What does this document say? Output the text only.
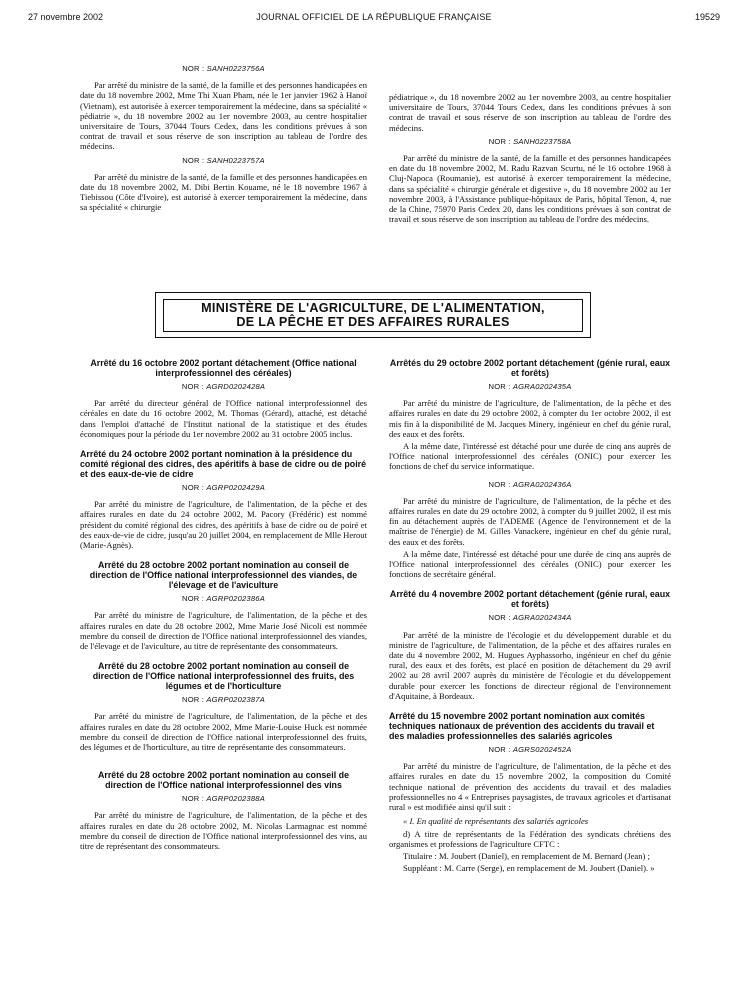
27 novembre 2002	JOURNAL OFFICIEL DE LA RÉPUBLIQUE FRANÇAISE	19529
NOR : SANH0223756A

Par arrêté du ministre de la santé, de la famille et des personnes handicapées en date du 18 novembre 2002, Mme Thi Xuan Pham, née le 1er janvier 1962 à Hanoï (Vietnam), est autorisée à exercer temporairement la médecine, dans sa spécialité « pédiatrie », du 18 novembre 2002 au 1er novembre 2003, au centre hospitalier universitaire de Tours, 37044 Tours Cedex, dans les conditions prévues à son contrat de travail et sous réserve de son inscription au tableau de l'ordre des médecins.

NOR : SANH0223757A

Par arrêté du ministre de la santé, de la famille et des personnes handicapées en date du 18 novembre 2002, M. Dibi Bertin Kouame, né le 18 novembre 1967 à Tiebissou (Côte d'Ivoire), est autorisé à exercer temporairement la médecine, dans sa spécialité « chirurgie

pédiatrique », du 18 novembre 2002 au 1er novembre 2003, au centre hospitalier universitaire de Tours, 37044 Tours Cedex, dans les conditions prévues à son contrat de travail et sous réserve de son inscription au tableau de l'ordre des médecins.

NOR : SANH0223758A

Par arrêté du ministre de la santé, de la famille et des personnes handicapées en date du 18 novembre 2002, M. Radu Razvan Scurtu, né le 16 octobre 1968 à Cluj-Napoca (Roumanie), est autorisé à exercer temporairement la médecine, dans sa spécialité « chirurgie générale et digestive », du 18 novembre 2002 au 1er novembre 2003, à l'Assistance publique-hôpitaux de Paris, hôpital Tenon, 4, rue de la Chine, 75970 Paris Cedex 20, dans les conditions prévues à son contrat de travail et sous réserve de son inscription au tableau de l'ordre des médecins.

MINISTÈRE DE L'AGRICULTURE, DE L'ALIMENTATION,
DE LA PÊCHE ET DES AFFAIRES RURALES
Arrêté du 16 octobre 2002 portant détachement (Office national interprofessionnel des céréales)
NOR : AGRD0202428A

Par arrêté du directeur général de l'Office national interprofessionnel des céréales en date du 16 octobre 2002, M. Thomas (Gérard), attaché, est détaché dans l'emploi d'attaché de l'Institut national de la statistique et des études économiques pour la période du 1er novembre 2002 au 31 octobre 2005 inclus.

Arrêté du 24 octobre 2002 portant nomination à la présidence du comité régional des cidres, des apéritifs à base de cidre ou de poiré et des eaux-de-vie de cidre
NOR : AGRP0202429A

Par arrêté du ministre de l'agriculture, de l'alimentation, de la pêche et des affaires rurales en date du 24 octobre 2002, M. Pacory (Frédéric) est nommé président du comité régional des cidres, des apéritifs à base de cidre ou de poiré et des eaux-de-vie de cidre, jusqu'au 20 juillet 2004, en remplacement de Mlle Herout (Marie-Agnès).

Arrêté du 28 octobre 2002 portant nomination au conseil de direction de l'Office national interprofessionnel des viandes, de l'élevage et de l'aviculture
NOR : AGRP0202386A

Par arrêté du ministre de l'agriculture, de l'alimentation, de la pêche et des affaires rurales en date du 28 octobre 2002, Mme Marie José Nicoli est nommée membre du conseil de direction de l'Office national interprofessionnel des viandes, de l'élevage et de l'aviculture, au titre de représentante des consommateurs.

Arrêté du 28 octobre 2002 portant nomination au conseil de direction de l'Office national interprofessionnel des fruits, des légumes et de l'horticulture
NOR : AGRP0202387A

Par arrêté du ministre de l'agriculture, de l'alimentation, de la pêche et des affaires rurales en date du 28 octobre 2002, Mme Marie-Louise Huck est nommée membre du conseil de direction de l'Office national interprofessionnel des fruits, des légumes et de l'horticulture, au titre de représentante des consommateurs.

Arrêté du 28 octobre 2002 portant nomination au conseil de direction de l'Office national interprofessionnel des vins
NOR : AGRP0202388A

Par arrêté du ministre de l'agriculture, de l'alimentation, de la pêche et des affaires rurales en date du 28 octobre 2002, M. Nicolas Larmagnac est nommé membre du conseil de direction de l'Office national interprofessionnel des vins, au titre de représentant des consommateurs.

Arrêtés du 29 octobre 2002 portant détachement (génie rural, eaux et forêts)
NOR : AGRA0202435A

Par arrêté du ministre de l'agriculture, de l'alimentation, de la pêche et des affaires rurales en date du 29 octobre 2002, à compter du 1er octobre 2002, il est mis fin à la disponibilité de M. Jacques Minery, ingénieur en chef du génie rural, des eaux et des forêts.

A la même date, l'intéressé est détaché pour une durée de cinq ans auprès de l'Office national interprofessionnel des céréales (ONIC) pour exercer les fonctions de chef du service informatique.

NOR : AGRA0202436A

Par arrêté du ministre de l'agriculture, de l'alimentation, de la pêche et des affaires rurales en date du 29 octobre 2002, à compter du 9 juillet 2002, il est mis fin au détachement auprès de l'ADEME (Agence de l'environnement et de la maîtrise de l'énergie) de M. Gilles Vanackere, ingénieur en chef du génie rural, des eaux et des forêts.

A la même date, l'intéressé est détaché pour une durée de cinq ans auprès de l'Office national interprofessionnel des céréales (ONIC) pour exercer les fonctions de secrétaire général.

Arrêté du 4 novembre 2002 portant détachement (génie rural, eaux et forêts)
NOR : AGRA0202434A

Par arrêté de la ministre de l'écologie et du développement durable et du ministre de l'agriculture, de l'alimentation, de la pêche et des affaires rurales en date du 4 novembre 2002, M. Hugues Ayphassorho, ingénieur en chef du génie rural, des eaux et des forêts, est placé en position de détachement du 29 avril 2002 au 28 avril 2007 auprès du ministère de l'écologie et du développement durable pour exercer les fonctions de directeur régional de l'environnement d'Aquitaine, à Bordeaux.

Arrêté du 15 novembre 2002 portant nomination aux comités techniques nationaux de prévention des accidents du travail et des maladies professionnelles des salariés agricoles
NOR : AGRS0202452A

Par arrêté du ministre de l'agriculture, de l'alimentation, de la pêche et des affaires rurales en date du 15 novembre 2002, la composition du Comité technique national de prévention des accidents du travail et des maladies professionnelles no 4 « Entreprises paysagistes, de travaux agricoles et d'artisanat rural » est modifiée ainsi qu'il suit :

« I. En qualité de représentants des salariés agricoles

d) A titre de représentants de la Fédération des syndicats chrétiens des organismes et professions de l'agriculture CFTC :

Titulaire : M. Joubert (Daniel), en remplacement de M. Bernard (Jean) ;

Suppléant : M. Carre (Serge), en remplacement de M. Joubert (Daniel). »
